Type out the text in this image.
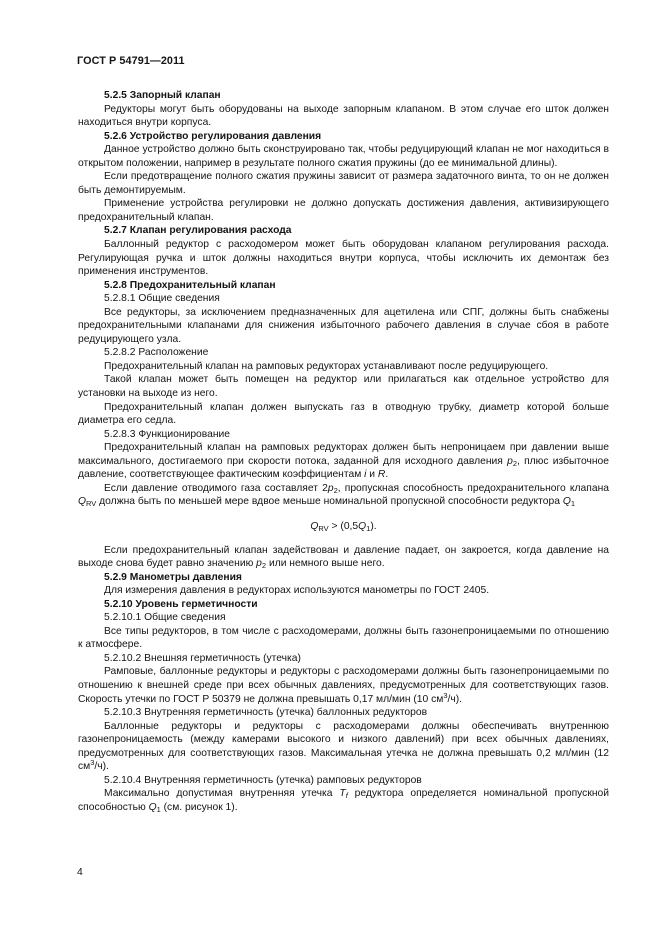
ГОСТ Р 54791—2011

5.2.5 Запорный клапан

Редукторы могут быть оборудованы на выходе запорным клапаном. В этом случае его шток должен находиться внутри корпуса.

5.2.6 Устройство регулирования давления

Данное устройство должно быть сконструировано так, чтобы редуцирующий клапан не мог находиться в открытом положении, например в результате полного сжатия пружины (до ее минимальной длины).

Если предотвращение полного сжатия пружины зависит от размера задаточного винта, то он не должен быть демонтируемым.

Применение устройства регулировки не должно допускать достижения давления, активизирующего предохранительный клапан.

5.2.7 Клапан регулирования расхода

Баллонный редуктор с расходомером может быть оборудован клапаном регулирования расхода. Регулирующая ручка и шток должны находиться внутри корпуса, чтобы исключить их демонтаж без применения инструментов.

5.2.8 Предохранительный клапан

5.2.8.1 Общие сведения

Все редукторы, за исключением предназначенных для ацетилена или СПГ, должны быть снабжены предохранительными клапанами для снижения избыточного рабочего давления в случае сбоя в работе редуцирующего узла.

5.2.8.2 Расположение

Предохранительный клапан на рамповых редукторах устанавливают после редуцирующего.

Такой клапан может быть помещен на редуктор или прилагаться как отдельное устройство для установки на выходе из него.

Предохранительный клапан должен выпускать газ в отводную трубку, диаметр которой больше диаметра его седла.

5.2.8.3 Функционирование

Предохранительный клапан на рамповых редукторах должен быть непроницаем при давлении выше максимального, достигаемого при скорости потока, заданной для исходного давления $p_2$, плюс избыточное давление, соответствующее фактическим коэффициентам i и R.

Если давление отводимого газа составляет $2p_2$, пропускная способность предохранительного клапана $Q_{RV}$ должна быть по меньшей мере вдвое меньше номинальной пропускной способности редуктора $Q_1$

$Q_{RV} > (0,5Q_1)$.

Если предохранительный клапан задействован и давление падает, он закроется, когда давление на выходе снова будет равно значению $p_2$ или немного выше него.

5.2.9 Манометры давления

Для измерения давления в редукторах используются манометры по ГОСТ 2405.

5.2.10 Уровень герметичности

5.2.10.1 Общие сведения

Все типы редукторов, в том числе с расходомерами, должны быть газонепроницаемыми по отношению к атмосфере.

5.2.10.2 Внешняя герметичность (утечка)

Рамповые, баллонные редукторы и редукторы с расходомерами должны быть газонепроницаемыми по отношению к внешней среде при всех обычных давлениях, предусмотренных для соответствующих газов. Скорость утечки по ГОСТ Р 50379 не должна превышать 0,17 мл/мин (10 $см^3/ч$).

5.2.10.3 Внутренняя герметичность (утечка) баллонных редукторов

Баллонные редукторы и редукторы с расходомерами должны обеспечивать внутреннюю газонепроницаемость (между камерами высокого и низкого давлений) при всех обычных давлениях, предусмотренных для соответствующих газов. Максимальная утечка не должна превышать 0,2 мл/мин (12 $см^3/ч$).

5.2.10.4 Внутренняя герметичность (утечка) рамповых редукторов

Максимально допустимая внутренняя утечка $T_f$ редуктора определяется номинальной пропускной способностью $Q_1$ (см. рисунок 1).

4
